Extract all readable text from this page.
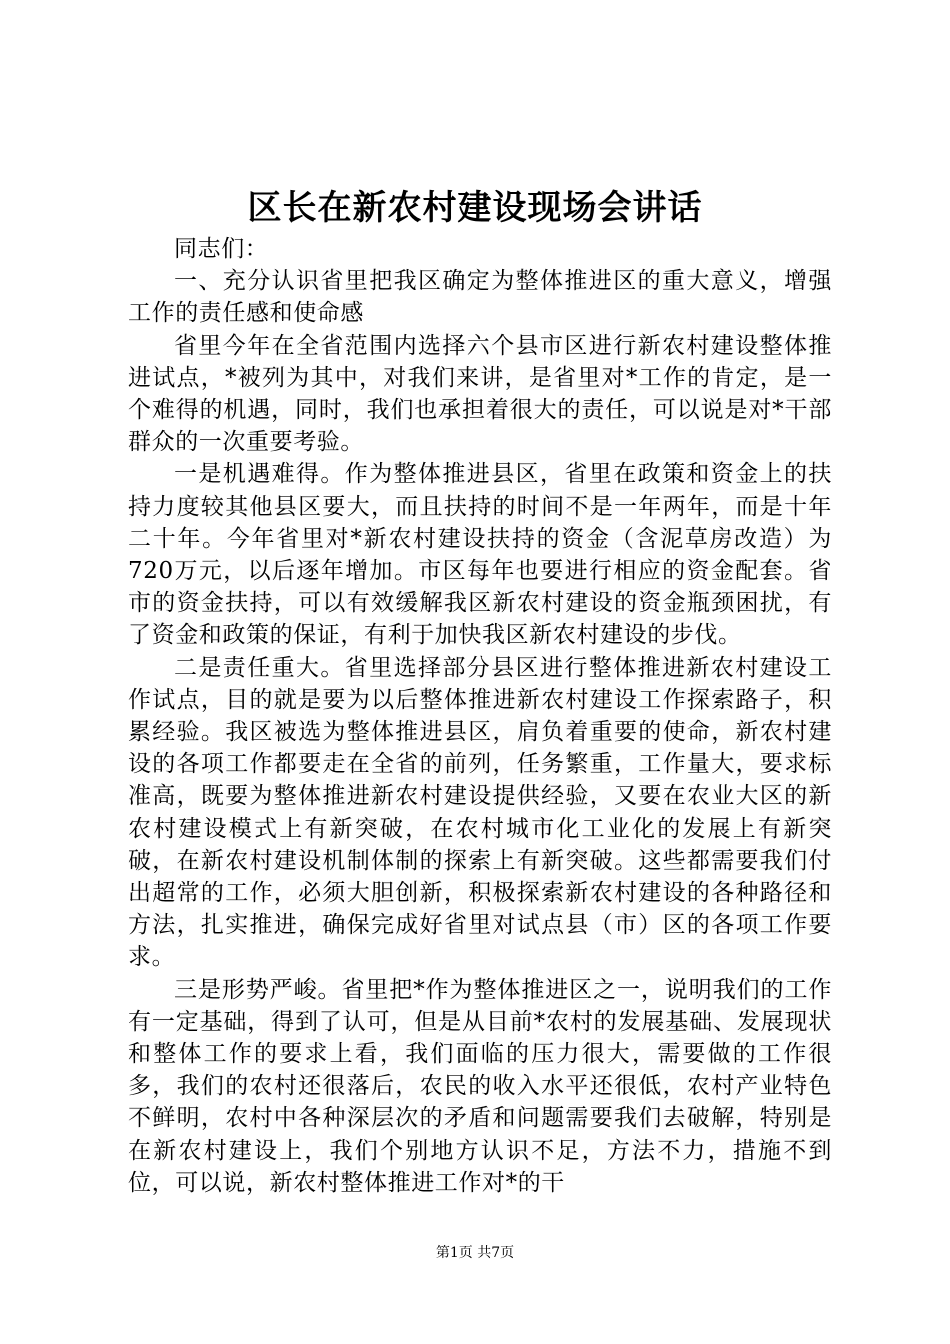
区长在新农村建设现场会讲话

同志们：

一、充分认识省里把我区确定为整体推进区的重大意义，增强工作的责任感和使命感

省里今年在全省范围内选择六个县市区进行新农村建设整体推进试点，*被列为其中，对我们来讲，是省里对*工作的肯定，是一个难得的机遇，同时，我们也承担着很大的责任，可以说是对*干部群众的一次重要考验。

一是机遇难得。作为整体推进县区，省里在政策和资金上的扶持力度较其他县区要大，而且扶持的时间不是一年两年，而是十年二十年。今年省里对*新农村建设扶持的资金（含泥草房改造）为720万元，以后逐年增加。市区每年也要进行相应的资金配套。省市的资金扶持，可以有效缓解我区新农村建设的资金瓶颈困扰，有了资金和政策的保证，有利于加快我区新农村建设的步伐。

二是责任重大。省里选择部分县区进行整体推进新农村建设工作试点，目的就是要为以后整体推进新农村建设工作探索路子，积累经验。我区被选为整体推进县区，肩负着重要的使命，新农村建设的各项工作都要走在全省的前列，任务繁重，工作量大，要求标准高，既要为整体推进新农村建设提供经验，又要在农业大区的新农村建设模式上有新突破，在农村城市化工业化的发展上有新突破，在新农村建设机制体制的探索上有新突破。这些都需要我们付出超常的工作，必须大胆创新，积极探索新农村建设的各种路径和方法，扎实推进，确保完成好省里对试点县（市）区的各项工作要求。

三是形势严峻。省里把*作为整体推进区之一，说明我们的工作有一定基础，得到了认可，但是从目前*农村的发展基础、发展现状和整体工作的要求上看，我们面临的压力很大，需要做的工作很多，我们的农村还很落后，农民的收入水平还很低，农村产业特色不鲜明，农村中各种深层次的矛盾和问题需要我们去破解，特别是在新农村建设上，我们个别地方认识不足，方法不力，措施不到位，可以说，新农村整体推进工作对*的干

第1页 共7页
